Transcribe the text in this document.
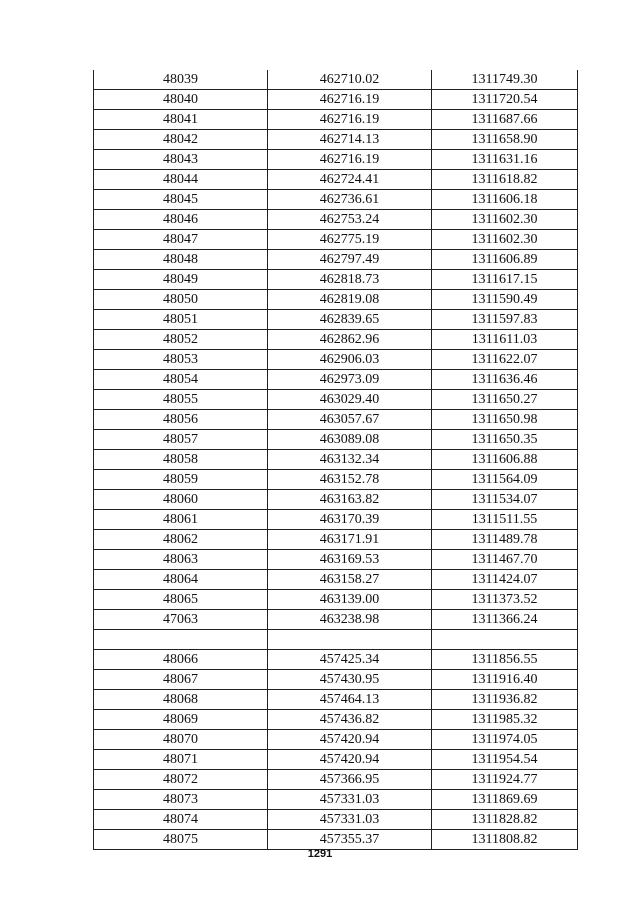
48039	462710.02	1311749.30
48040	462716.19	1311720.54
48041	462716.19	1311687.66
48042	462714.13	1311658.90
48043	462716.19	1311631.16
48044	462724.41	1311618.82
48045	462736.61	1311606.18
48046	462753.24	1311602.30
48047	462775.19	1311602.30
48048	462797.49	1311606.89
48049	462818.73	1311617.15
48050	462819.08	1311590.49
48051	462839.65	1311597.83
48052	462862.96	1311611.03
48053	462906.03	1311622.07
48054	462973.09	1311636.46
48055	463029.40	1311650.27
48056	463057.67	1311650.98
48057	463089.08	1311650.35
48058	463132.34	1311606.88
48059	463152.78	1311564.09
48060	463163.82	1311534.07
48061	463170.39	1311511.55
48062	463171.91	1311489.78
48063	463169.53	1311467.70
48064	463158.27	1311424.07
48065	463139.00	1311373.52
47063	463238.98	1311366.24

48066	457425.34	1311856.55
48067	457430.95	1311916.40
48068	457464.13	1311936.82
48069	457436.82	1311985.32
48070	457420.94	1311974.05
48071	457420.94	1311954.54
48072	457366.95	1311924.77
48073	457331.03	1311869.69
48074	457331.03	1311828.82
48075	457355.37	1311808.82
1291
